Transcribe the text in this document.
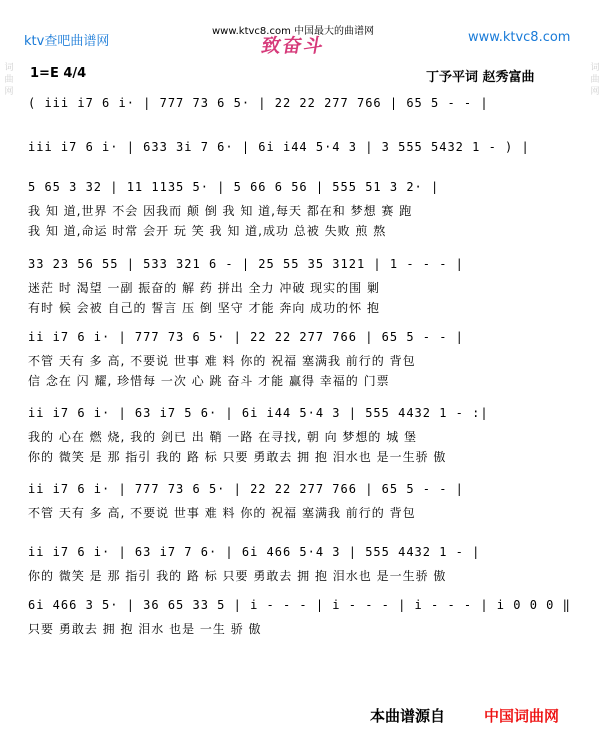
ktv查吧曲谱网
www.ktvc8.com 中国最大的曲谱网	www.ktvc8.com
致奋斗
1=E 4/4	丁予平词 赵秀富曲
词
曲
网
词
曲
网
( iii i7 6 i· | 777 73 6 5· | 22 22 277 766 | 65 5 - - |
iii i7 6 i· | 633 3i 7 6· | 6i i44 5·4 3 | 3 555 5432 1 - ) |
5 65 3 32 | 11 1135 5· | 5 66 6 56 | 555 51 3 2· |
我 知 道,世界 不会 因我而 颠 倒 我 知 道,每天 都在和 梦想 赛 跑
我 知 道,命运 时常 会开 玩 笑 我 知 道,成功 总被 失败 煎 熬
33 23 56 55 | 533 321 6 - | 25 55 35 3121 | 1 - - - |
迷茫 时 渴望 一副 振奋的 解 药 拼出 全力 冲破 现实的围 剿
有时 候 会被 自己的 誓言 压 倒 坚守 才能 奔向 成功的怀 抱
ii i7 6 i· | 777 73 6 5· | 22 22 277 766 | 65 5 - - |
不管 天有 多 高, 不要说 世事 难 料 你的 祝福 塞满我 前行的 背包
信 念在 闪 耀, 珍惜每 一次 心 跳 奋斗 才能 赢得 幸福的 门票
ii i7 6 i· | 63 i7 5 6· | 6i i44 5·4 3 | 555 4432 1 - :|
我的 心在 燃 烧, 我的 剑已 出 鞘 一路 在寻找, 朝 向 梦想的 城 堡
你的 微笑 是 那 指引 我的 路 标 只要 勇敢去 拥 抱 泪水也 是一生骄 傲
ii i7 6 i· | 777 73 6 5· | 22 22 277 766 | 65 5 - - |
不管 天有 多 高, 不要说 世事 难 料 你的 祝福 塞满我 前行的 背包
ii i7 6 i· | 63 i7 7 6· | 6i 466 5·4 3 | 555 4432 1 - |
你的 微笑 是 那 指引 我的 路 标 只要 勇敢去 拥 抱 泪水也 是一生骄 傲
6i 466 3 5· | 36 65 33 5 | i - - - | i - - - | i - - - | i 0 0 0 ‖
只要 勇敢去 拥 抱 泪水 也是 一生 骄 傲
本曲谱源自	中国词曲网
